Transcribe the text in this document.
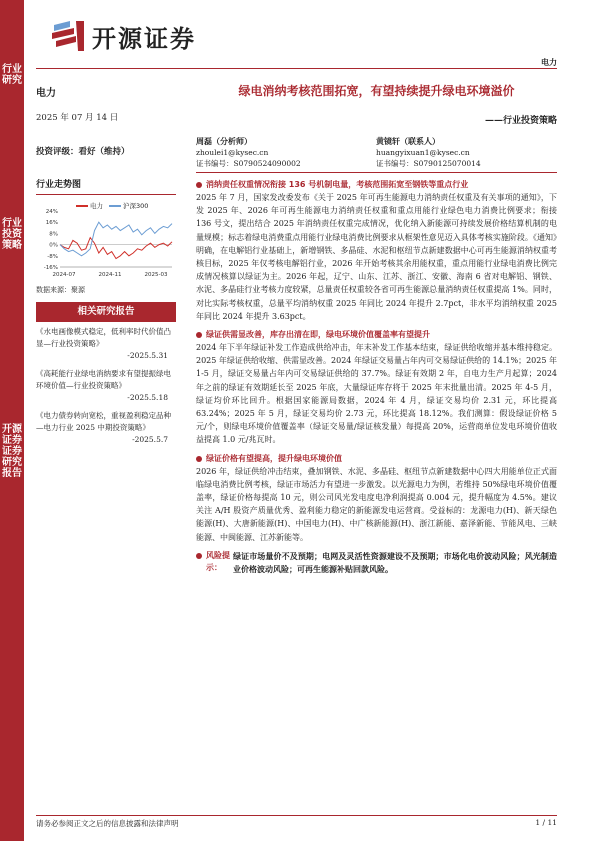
行业研究
行业投资策略
开源证券 证券研究报告
开源证券
电力
电力
2025 年 07 月 14 日
投资评级：看好（维持）
行业走势图
电力	沪深300
24%
16%
8%
0%
-8%
-16%
2024-07	2024-11	2025-03
数据来源：聚源
相关研究报告
《水电画像模式稳定，低利率时代价值凸显—行业投资策略》
-2025.5.31
《高耗能行业绿电消纳要求有望提振绿电环境价值—行业投资策略》
-2025.5.18
《电力债券转向宽松，重视盈利稳定品种—电力行业 2025 中期投资策略》
-2025.5.7
绿电消纳考核范围拓宽，有望持续提升绿电环境溢价
——行业投资策略
周磊（分析师）
zhoulei1@kysec.cn
证书编号：S0790524090002
黄镜轩（联系人）
huangyixuan1@kysec.cn
证书编号：S0790125070014
消纳责任权重情况衔接 136 号机制电量，考核范围拓宽至钢铁等重点行业
2025 年 7 月，国家发改委发布《关于 2025 年可再生能源电力消纳责任权重及有关事项的通知》，下发 2025 年、2026 年可再生能源电力消纳责任权重和重点用能行业绿色电力消费比例要求；衔接 136 号文，提出结合 2025 年消纳责任权重完成情况，优化纳入新能源可持续发展价格结算机制的电量规模；标志着绿电消费重点用能行业绿电消费比例要求从框架性意见迈入具体考核实施阶段。《通知》明确，在电解铝行业基础上，新增钢铁、多晶硅、水泥和枢纽节点新建数据中心可再生能源消纳权重考核目标，2025 年仅考核电解铝行业，2026 年开始考核其余用能权重，重点用能行业绿电消费比例完成情况核算以绿证为主。2026 年起，辽宁、山东、江苏、浙江、安徽、海南 6 省对电解铝、钢铁、水泥、多晶硅行业考核力度较紧，总量责任权重较各省可再生能源总量消纳责任权重提高 1%。同时，对比实际考核权重，总量平均消纳权重 2025 年同比 2024 年提升 2.7pct，非水平均消纳权重 2025 年同比 2024 年提升 3.63pct。
绿证供需显改善，库存出清在即，绿电环境价值覆盖率有望提升
2024 年下半年绿证补发工作造成供给冲击，年末补发工作基本结束，绿证供给收缩并基本维持稳定。2025 年绿证供给收缩、供需显改善。2024 年绿证交易量占年内可交易绿证供给的 14.1%；2025 年 1-5 月，绿证交易量占年内可交易绿证供给的 37.7%。绿证有效期 2 年，自电力生产月起算；2024 年之前的绿证有效期延长至 2025 年底，大量绿证库存将于 2025 年末批量出清。2025 年 4-5 月，绿证均价环比回升。根据国家能源局数据，2024 年 4 月，绿证交易均价 2.31 元，环比提高 63.24%；2025 年 5 月，绿证交易均价 2.73 元，环比提高 18.12%。我们测算：假设绿证价格 5 元/个，则绿电环境价值覆盖率（绿证交易量/绿证核发量）每提高 20%，运营商单位发电环境价值收益提高 1.0 元/兆瓦时。
绿证价格有望提高，提升绿电环境价值
2026 年，绿证供给冲击结束，叠加钢铁、水泥、多晶硅、枢纽节点新建数据中心四大用能单位正式面临绿电消费比例考核，绿证市场活力有望进一步激发。以光源电力为例，若维持 50%绿电环境价值覆盖率，绿证价格每提高 10 元，则公司风光发电度电净利润提高 0.004 元，提升幅度为 4.5%。建议关注 A/H 股资产质量优秀、盈利能力稳定的新能源发电运营商。受益标的：龙源电力(H)、新天绿色能源(H)、大唐新能源(H)、中国电力(H)、中广核新能源(H)、浙江新能、嘉泽新能、节能风电、三峡能源、中闽能源、江苏新能等。
风险提示：
绿证市场量价不及预期；电网及灵活性资源建设不及预期；市场化电价波动风险；风光制造业价格波动风险；可再生能源补贴回款风险。
请务必参阅正文之后的信息披露和法律声明	1 / 11
